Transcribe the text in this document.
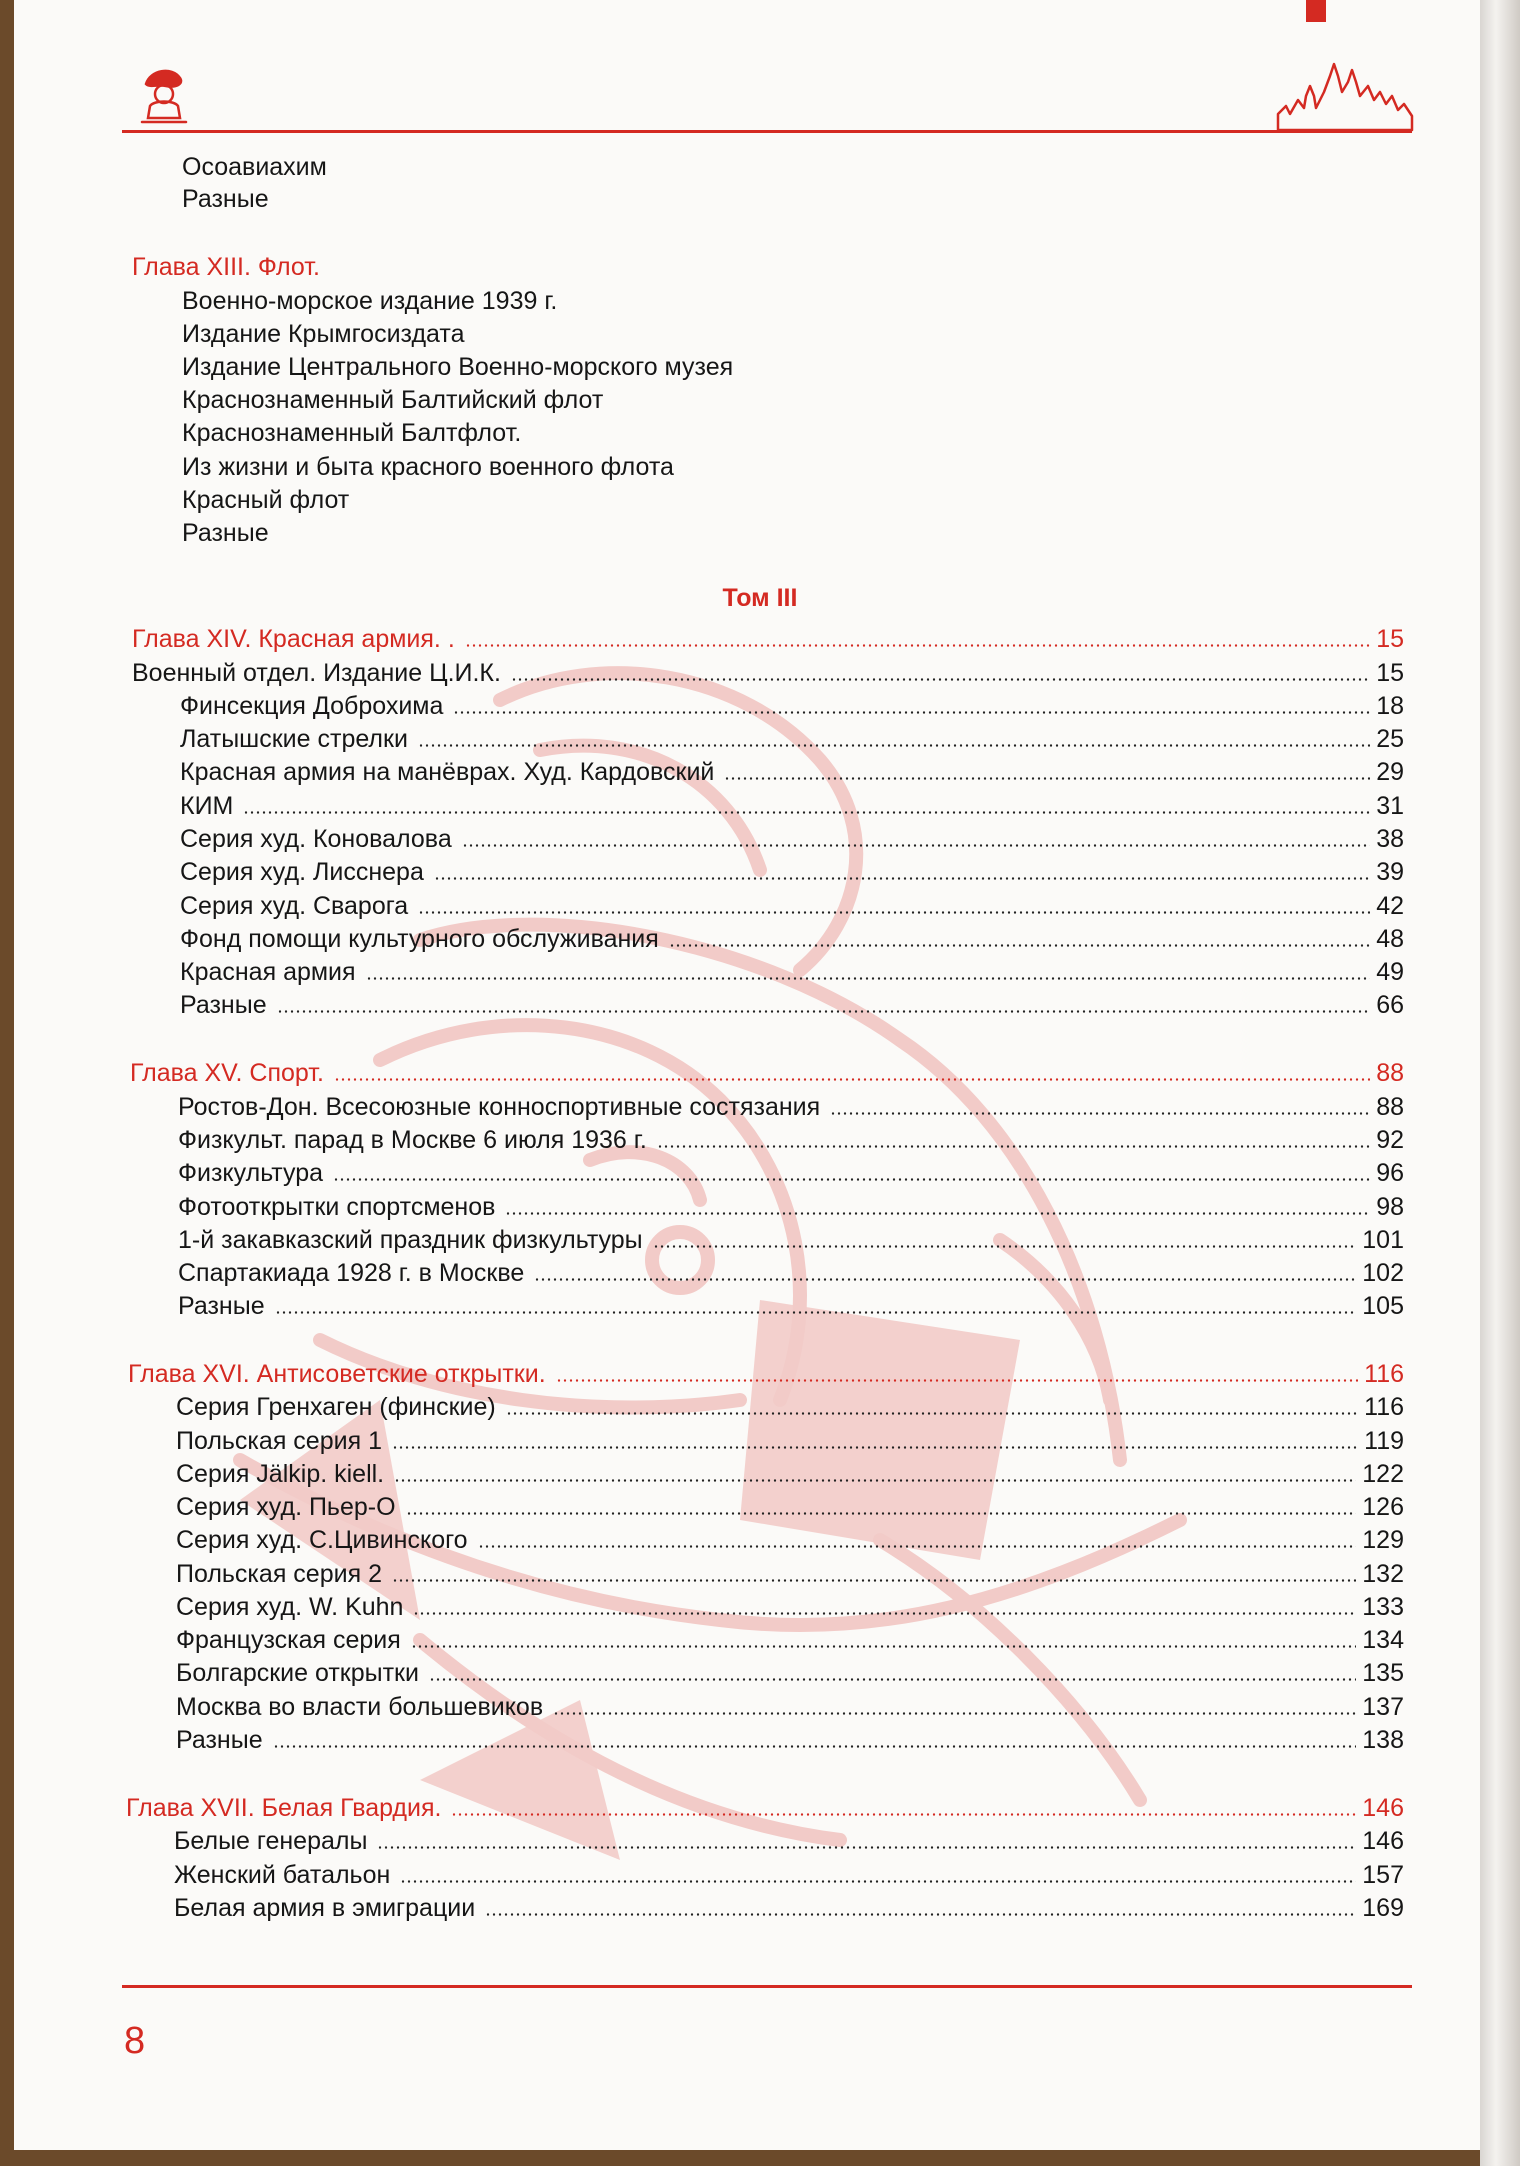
Осоавиахим
Разные
Глава XIII. Флот.
Военно-морское издание 1939 г.
Издание Крымгосиздата
Издание Центрального Военно-морского музея
Краснознаменный Балтийский флот
Краснознаменный Балтфлот.
Из жизни и быта красного военного флота
Красный флот
Разные
Том III
Глава XIV. Красная армия. .	15
Военный отдел. Издание Ц.И.К.	15
Финсекция Доброхима	18
Латышские стрелки	25
Красная армия на манёврах. Худ. Кардовский	29
КИМ	31
Серия худ. Коновалова	38
Серия худ. Лисснера	39
Серия худ. Сварога	42
Фонд помощи культурного обслуживания	48
Красная армия	49
Разные	66
Глава XV. Спорт.	88
Ростов-Дон. Всесоюзные конноспортивные состязания	88
Физкульт. парад в Москве 6 июля 1936 г.	92
Физкультура	96
Фотооткрытки спортсменов	98
1-й закавказский праздник физкультуры	101
Спартакиада 1928 г. в Москве	102
Разные	105
Глава XVI. Антисоветские открытки.	116
Серия Гренхаген (финские)	116
Польская серия 1	119
Серия Jälkip. kiell.	122
Серия худ. Пьер-О	126
Серия худ. С.Цивинского	129
Польская серия 2	132
Серия худ. W. Kuhn	133
Французская серия	134
Болгарские открытки	135
Москва во власти большевиков	137
Разные	138
Глава XVII. Белая Гвардия.	146
Белые генералы	146
Женский батальон	157
Белая армия в эмиграции	169
8
